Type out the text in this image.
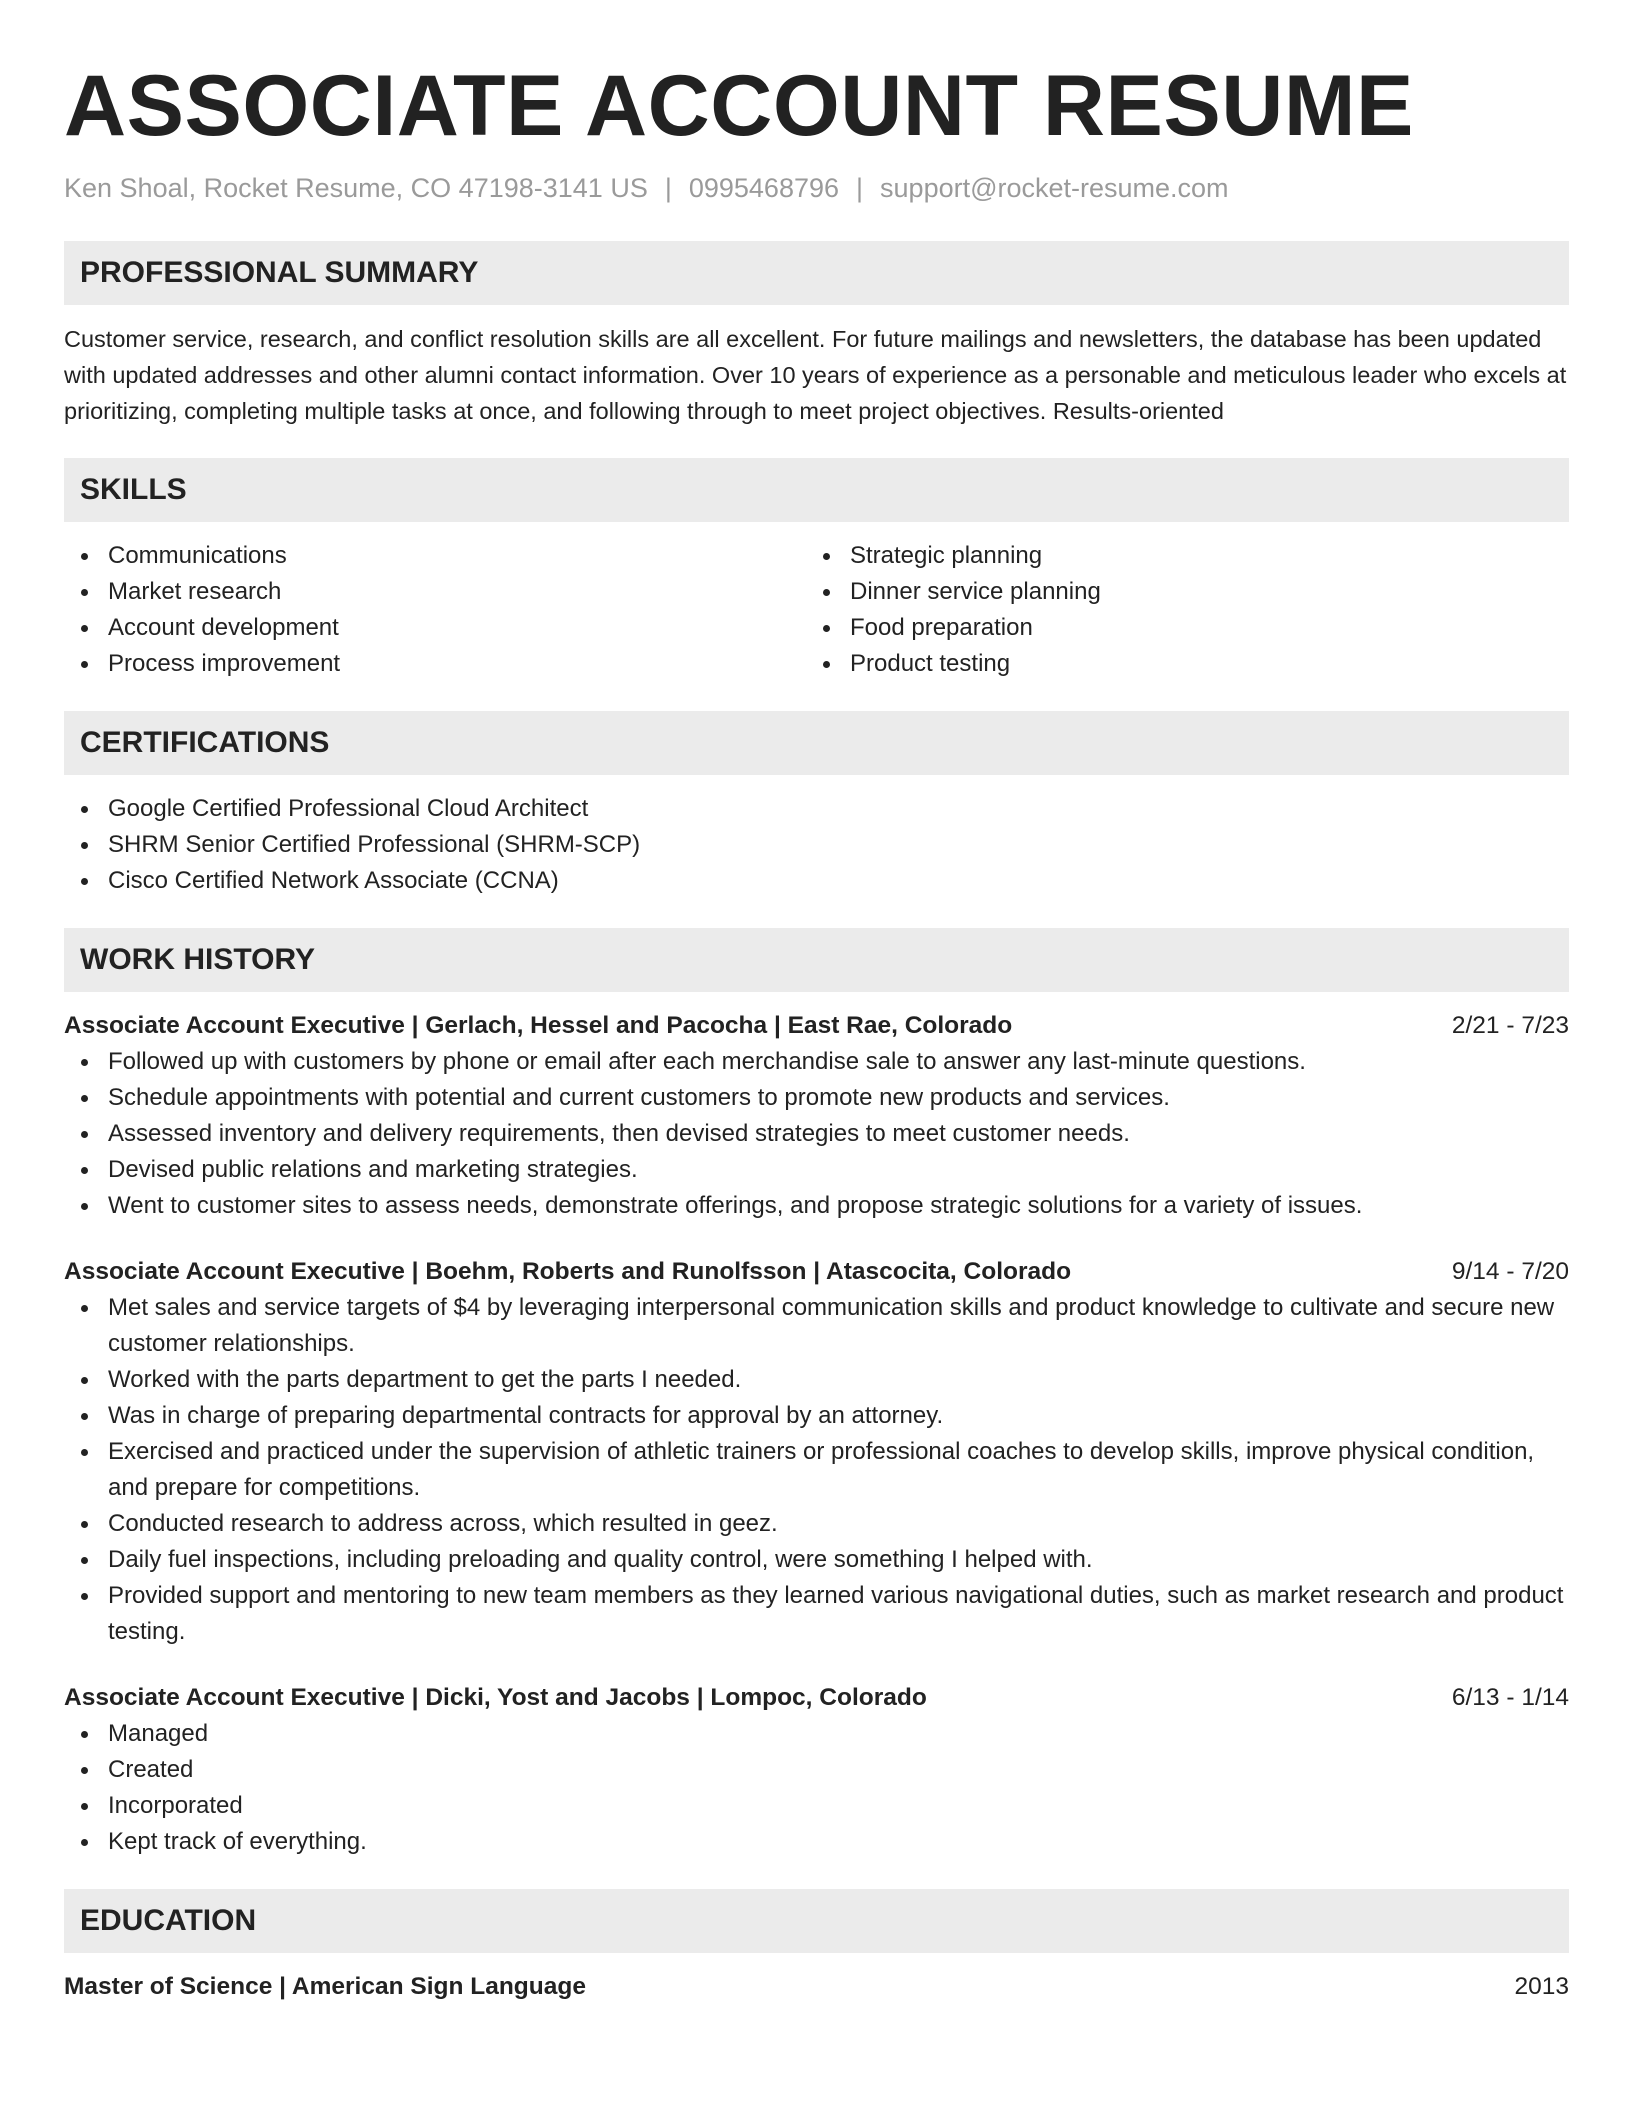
ASSOCIATE ACCOUNT RESUME
Ken Shoal, Rocket Resume, CO 47198-3141 US | 0995468796 | support@rocket-resume.com
PROFESSIONAL SUMMARY

Customer service, research, and conflict resolution skills are all excellent. For future mailings and newsletters, the database has been updated with updated addresses and other alumni contact information. Over 10 years of experience as a personable and meticulous leader who excels at prioritizing, completing multiple tasks at once, and following through to meet project objectives. Results-oriented

SKILLS
Communications
Market research
Account development
Process improvement
Strategic planning
Dinner service planning
Food preparation
Product testing
CERTIFICATIONS
Google Certified Professional Cloud Architect
SHRM Senior Certified Professional (SHRM-SCP)
Cisco Certified Network Associate (CCNA)
WORK HISTORY
Associate Account Executive | Gerlach, Hessel and Pacocha | East Rae, Colorado	2/21 - 7/23
Followed up with customers by phone or email after each merchandise sale to answer any last-minute questions.
Schedule appointments with potential and current customers to promote new products and services.
Assessed inventory and delivery requirements, then devised strategies to meet customer needs.
Devised public relations and marketing strategies.
Went to customer sites to assess needs, demonstrate offerings, and propose strategic solutions for a variety of issues.
Associate Account Executive | Boehm, Roberts and Runolfsson | Atascocita, Colorado	9/14 - 7/20
Met sales and service targets of $4 by leveraging interpersonal communication skills and product knowledge to cultivate and secure new customer relationships.
Worked with the parts department to get the parts I needed.
Was in charge of preparing departmental contracts for approval by an attorney.
Exercised and practiced under the supervision of athletic trainers or professional coaches to develop skills, improve physical condition, and prepare for competitions.
Conducted research to address across, which resulted in geez.
Daily fuel inspections, including preloading and quality control, were something I helped with.
Provided support and mentoring to new team members as they learned various navigational duties, such as market research and product testing.
Associate Account Executive | Dicki, Yost and Jacobs | Lompoc, Colorado	6/13 - 1/14
Managed
Created
Incorporated
Kept track of everything.
EDUCATION
Master of Science | American Sign Language	2013
